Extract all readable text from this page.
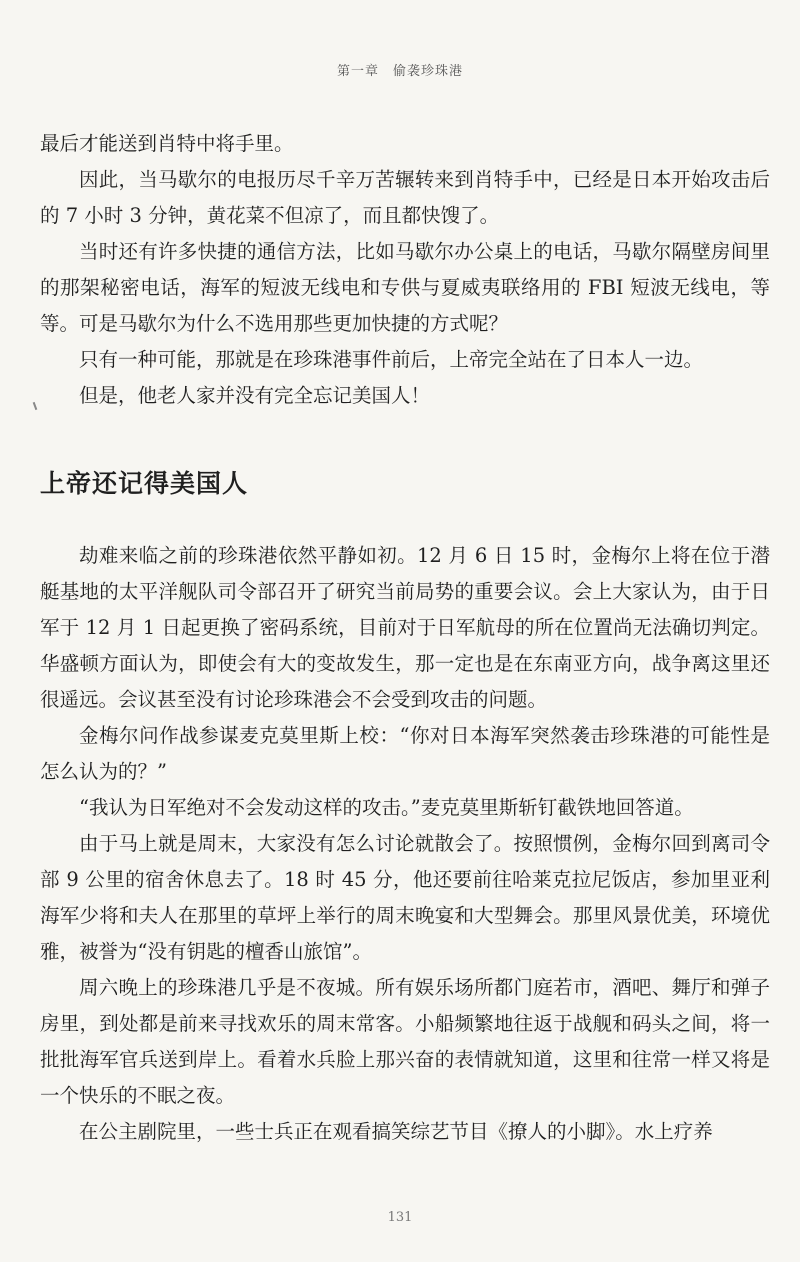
第一章　偷袭珍珠港

最后才能送到肖特中将手里。

因此，当马歇尔的电报历尽千辛万苦辗转来到肖特手中，已经是日本开始攻击后的 7 小时 3 分钟，黄花菜不但凉了，而且都快馊了。

当时还有许多快捷的通信方法，比如马歇尔办公桌上的电话，马歇尔隔壁房间里的那架秘密电话，海军的短波无线电和专供与夏威夷联络用的 FBI 短波无线电，等等。可是马歇尔为什么不选用那些更加快捷的方式呢？

只有一种可能，那就是在珍珠港事件前后，上帝完全站在了日本人一边。

但是，他老人家并没有完全忘记美国人！

上帝还记得美国人

劫难来临之前的珍珠港依然平静如初。12 月 6 日 15 时，金梅尔上将在位于潜艇基地的太平洋舰队司令部召开了研究当前局势的重要会议。会上大家认为，由于日军于 12 月 1 日起更换了密码系统，目前对于日军航母的所在位置尚无法确切判定。华盛顿方面认为，即使会有大的变故发生，那一定也是在东南亚方向，战争离这里还很遥远。会议甚至没有讨论珍珠港会不会受到攻击的问题。

金梅尔问作战参谋麦克莫里斯上校：“你对日本海军突然袭击珍珠港的可能性是怎么认为的？”

“我认为日军绝对不会发动这样的攻击。”麦克莫里斯斩钉截铁地回答道。

由于马上就是周末，大家没有怎么讨论就散会了。按照惯例，金梅尔回到离司令部 9 公里的宿舍休息去了。18 时 45 分，他还要前往哈莱克拉尼饭店，参加里亚利海军少将和夫人在那里的草坪上举行的周末晚宴和大型舞会。那里风景优美，环境优雅，被誉为“没有钥匙的檀香山旅馆”。

周六晚上的珍珠港几乎是不夜城。所有娱乐场所都门庭若市，酒吧、舞厅和弹子房里，到处都是前来寻找欢乐的周末常客。小船频繁地往返于战舰和码头之间，将一批批海军官兵送到岸上。看着水兵脸上那兴奋的表情就知道，这里和往常一样又将是一个快乐的不眠之夜。

在公主剧院里，一些士兵正在观看搞笑综艺节目《撩人的小脚》。水上疗养

131
